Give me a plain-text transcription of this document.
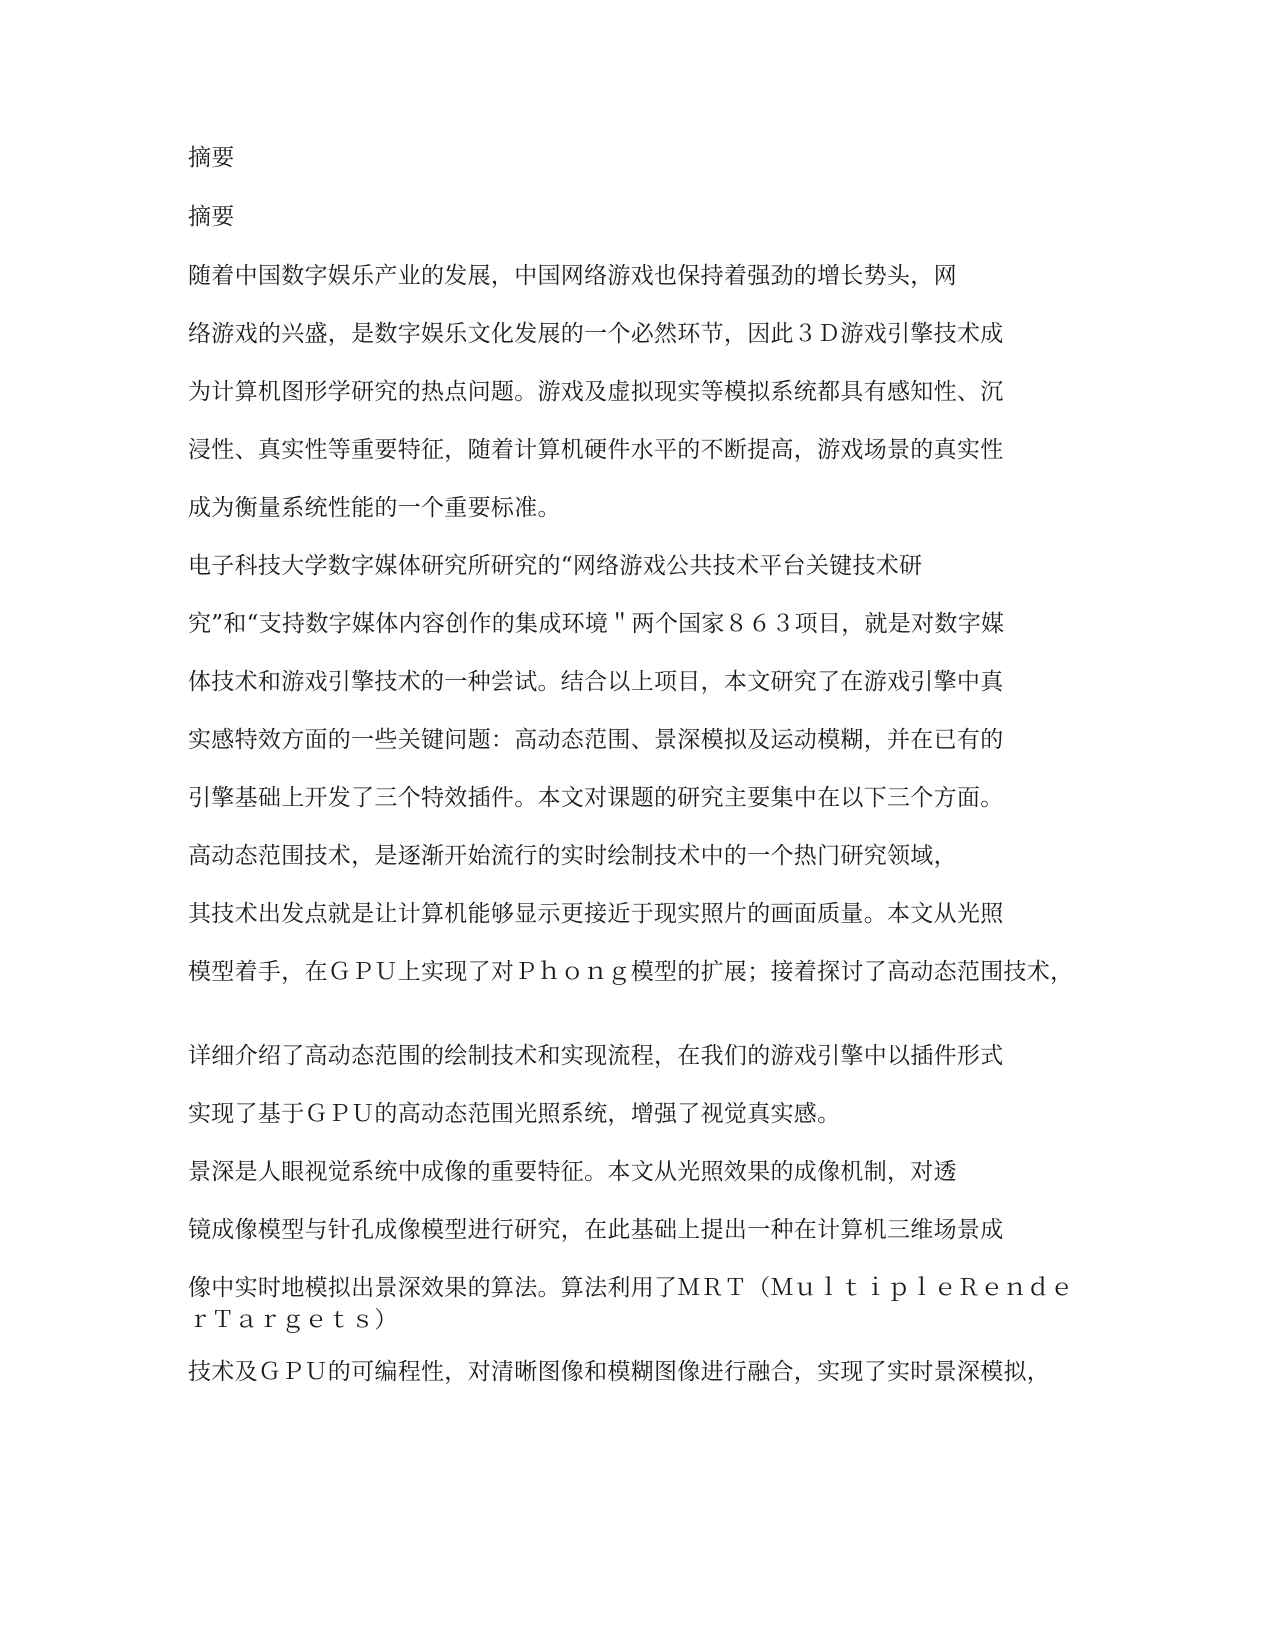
摘要
摘要
随着中国数字娱乐产业的发展，中国网络游戏也保持着强劲的增长势头，网
络游戏的兴盛，是数字娱乐文化发展的一个必然环节，因此３Ｄ游戏引擎技术成
为计算机图形学研究的热点问题。游戏及虚拟现实等模拟系统都具有感知性、沉
浸性、真实性等重要特征，随着计算机硬件水平的不断提高，游戏场景的真实性
成为衡量系统性能的一个重要标准。
电子科技大学数字媒体研究所研究的“网络游戏公共技术平台关键技术研
究”和“支持数字媒体内容创作的集成环境＂两个国家８６３项目，就是对数字媒
体技术和游戏引擎技术的一种尝试。结合以上项目，本文研究了在游戏引擎中真
实感特效方面的一些关键问题：高动态范围、景深模拟及运动模糊，并在已有的
引擎基础上开发了三个特效插件。本文对课题的研究主要集中在以下三个方面。
高动态范围技术，是逐渐开始流行的实时绘制技术中的一个热门研究领域，
其技术出发点就是让计算机能够显示更接近于现实照片的画面质量。本文从光照
模型着手，在ＧＰＵ上实现了对Ｐｈｏｎｇ模型的扩展；接着探讨了高动态范围技术，
详细介绍了高动态范围的绘制技术和实现流程，在我们的游戏引擎中以插件形式
实现了基于ＧＰＵ的高动态范围光照系统，增强了视觉真实感。
景深是人眼视觉系统中成像的重要特征。本文从光照效果的成像机制，对透
镜成像模型与针孔成像模型进行研究，在此基础上提出一种在计算机三维场景成
像中实时地模拟出景深效果的算法。算法利用了ＭＲＴ（ＭｕｌｔｉｐｌｅＲｅｎｄｅｒＴａｒｇｅｔｓ）
技术及ＧＰＵ的可编程性，对清晰图像和模糊图像进行融合，实现了实时景深模拟，
